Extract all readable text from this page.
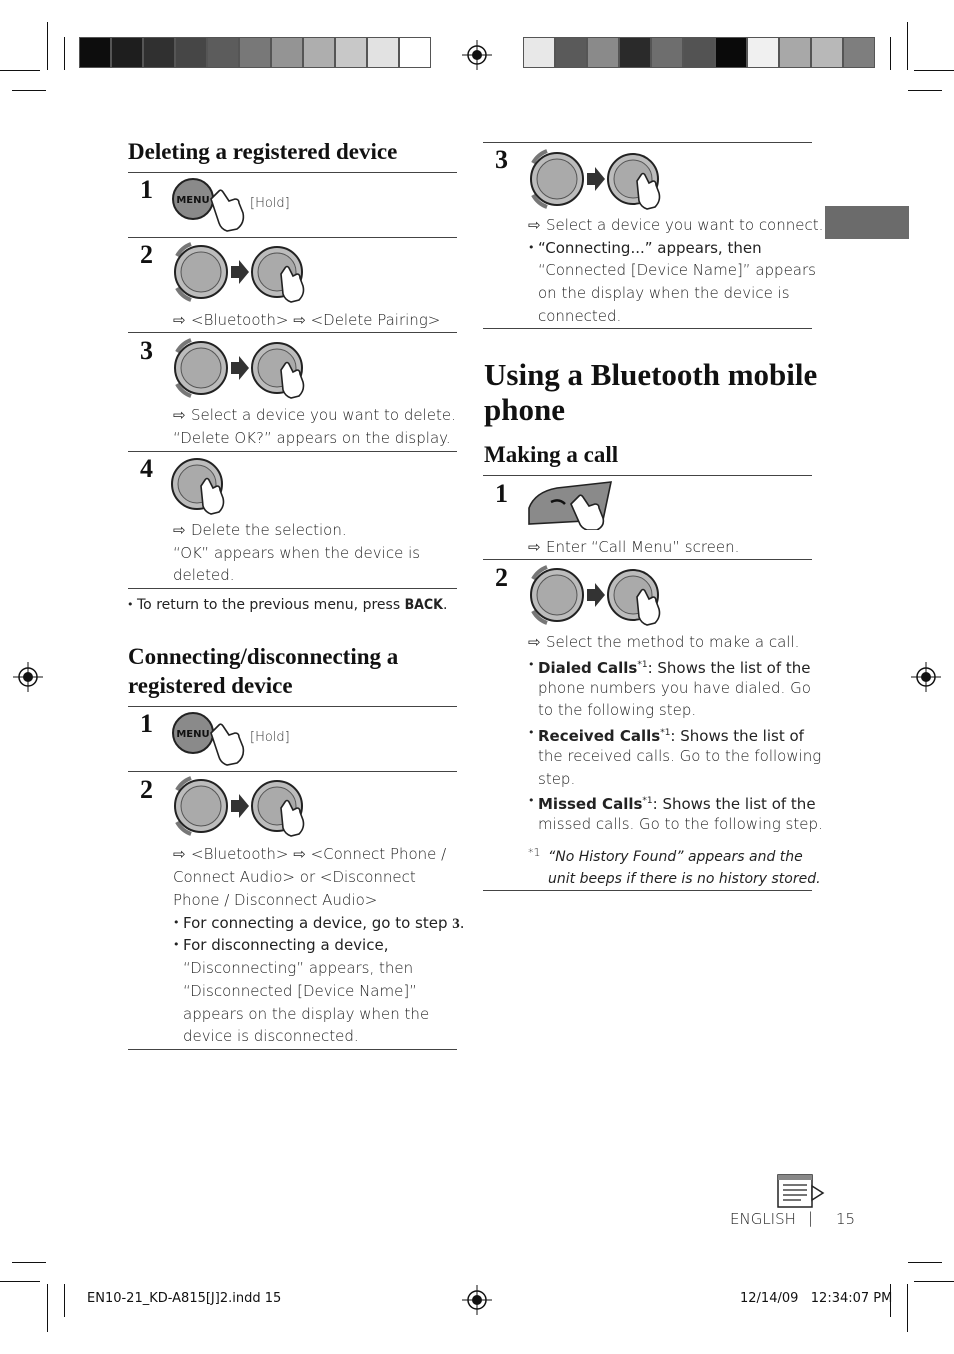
Deleting a registered device
1 MENU	[Hold]
2
⇨ <Bluetooth> ⇨ <Delete Pairing>
3
⇨ Select a device you want to delete.
“Delete OK?” appears on the display.
4
⇨ Delete the selection.
“OK” appears when the device is
deleted.
• To return to the previous menu, press BACK.
Connecting/disconnecting a
registered device
1 MENU	[Hold]
2
⇨ <Bluetooth> ⇨ <Connect Phone /
Connect Audio> or <Disconnect
Phone / Disconnect Audio>
• For connecting a device, go to step 3.
• For disconnecting a device,
“Disconnecting” appears, then
“Disconnected [Device Name]”
appears on the display when the
device is disconnected.
3
⇨ Select a device you want to connect.
• “Connecting...” appears, then
“Connected [Device Name]” appears
on the display when the device is
connected.
Using a Bluetooth mobile
phone
Making a call
1
⇨ Enter “Call Menu” screen.
2
⇨ Select the method to make a call.
• Dialed Calls$^{*1}$: Shows the list of the
phone numbers you have dialed. Go
to the following step.
• Received Calls$^{*1}$: Shows the list of
the received calls. Go to the following
step.
• Missed Calls$^{*1}$: Shows the list of the
missed calls. Go to the following step.
*1 “No History Found” appears and the
unit beeps if there is no history stored.
ENGLISH | 15
EN10-21_KD-A815[J]2.indd 15	12/14/09   12:34:07 PM
